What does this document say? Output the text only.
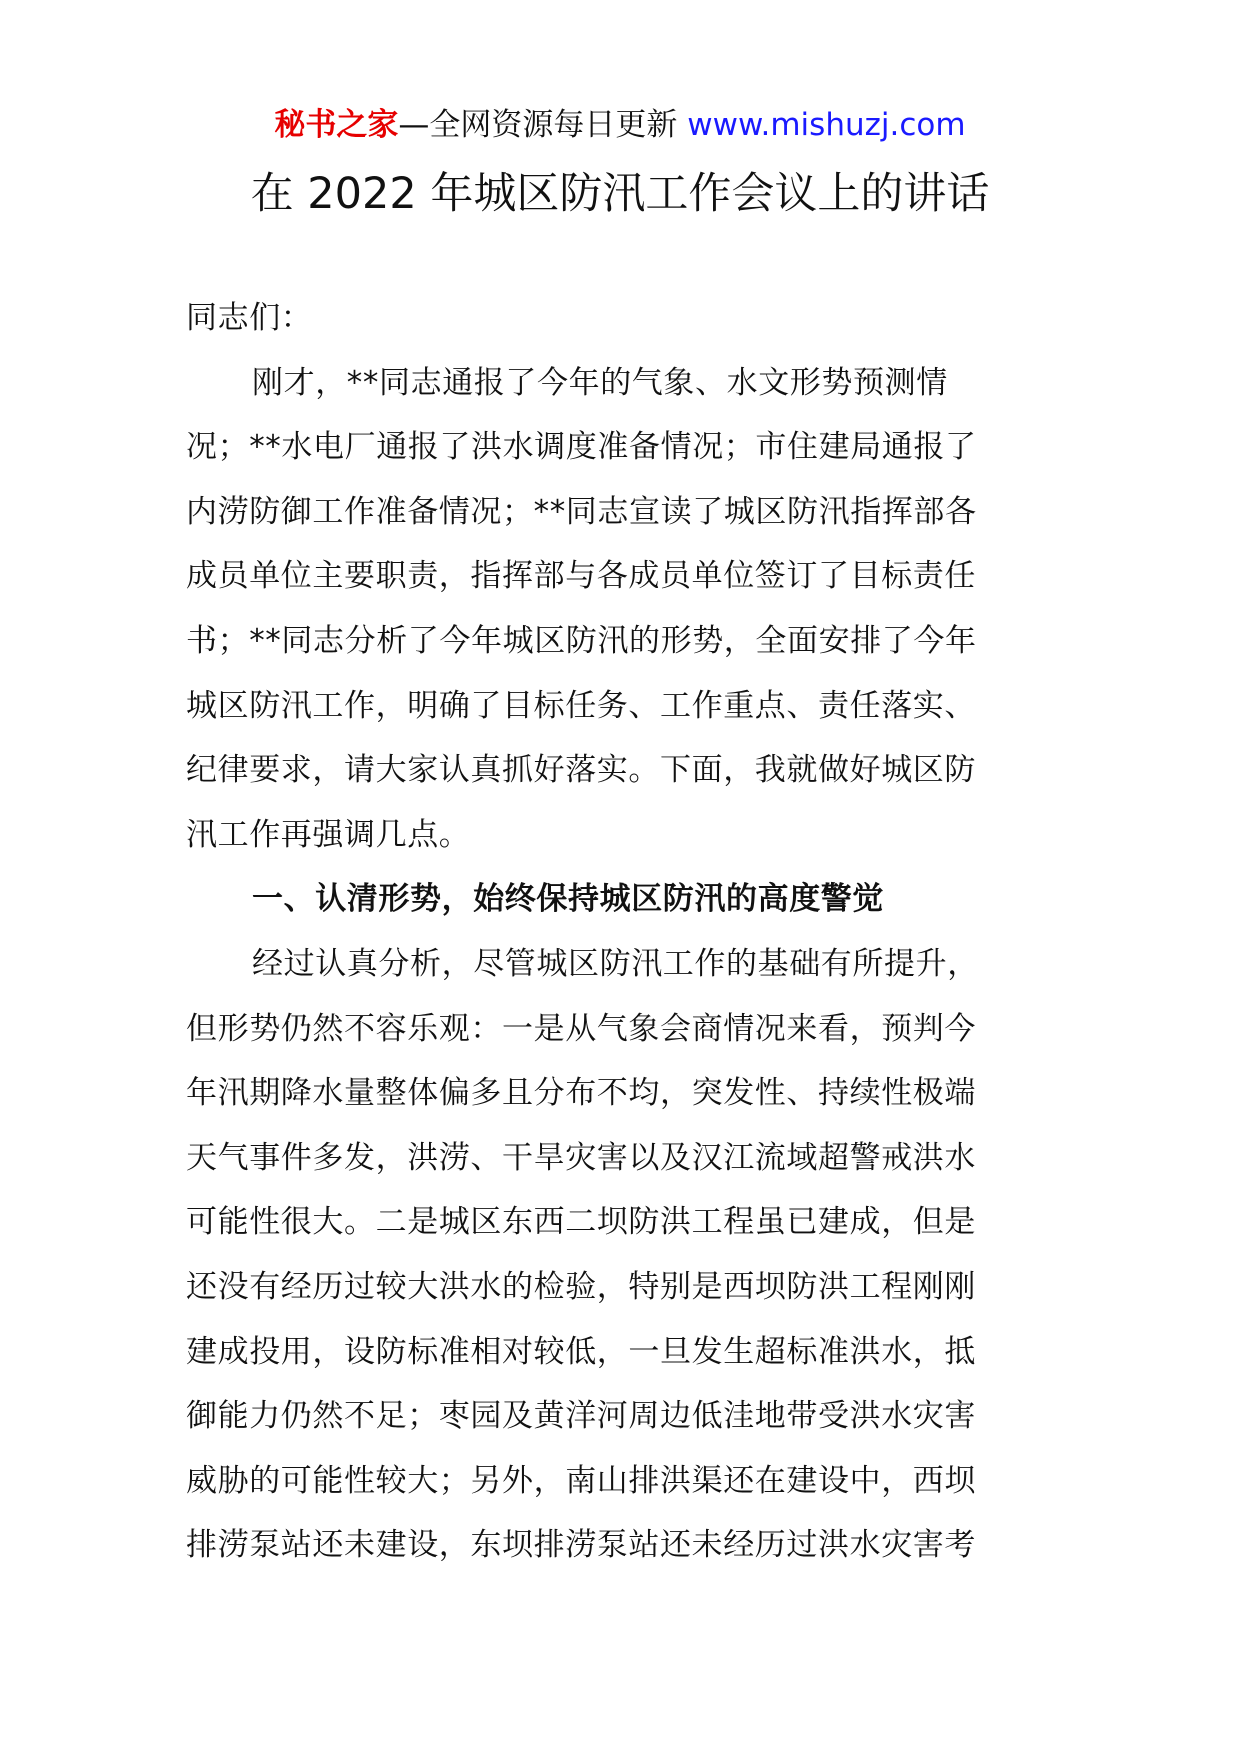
秘书之家—全网资源每日更新 www.mishuzj.com
在 2022 年城区防汛工作会议上的讲话
同志们：
刚才，**同志通报了今年的气象、水文形势预测情
况；**水电厂通报了洪水调度准备情况；市住建局通报了
内涝防御工作准备情况；**同志宣读了城区防汛指挥部各
成员单位主要职责，指挥部与各成员单位签订了目标责任
书；**同志分析了今年城区防汛的形势，全面安排了今年
城区防汛工作，明确了目标任务、工作重点、责任落实、
纪律要求，请大家认真抓好落实。下面，我就做好城区防
汛工作再强调几点。
一、认清形势，始终保持城区防汛的高度警觉
经过认真分析，尽管城区防汛工作的基础有所提升，
但形势仍然不容乐观：一是从气象会商情况来看，预判今
年汛期降水量整体偏多且分布不均，突发性、持续性极端
天气事件多发，洪涝、干旱灾害以及汉江流域超警戒洪水
可能性很大。二是城区东西二坝防洪工程虽已建成，但是
还没有经历过较大洪水的检验，特别是西坝防洪工程刚刚
建成投用，设防标准相对较低，一旦发生超标准洪水，抵
御能力仍然不足；枣园及黄洋河周边低洼地带受洪水灾害
威胁的可能性较大；另外，南山排洪渠还在建设中，西坝
排涝泵站还未建设，东坝排涝泵站还未经历过洪水灾害考
